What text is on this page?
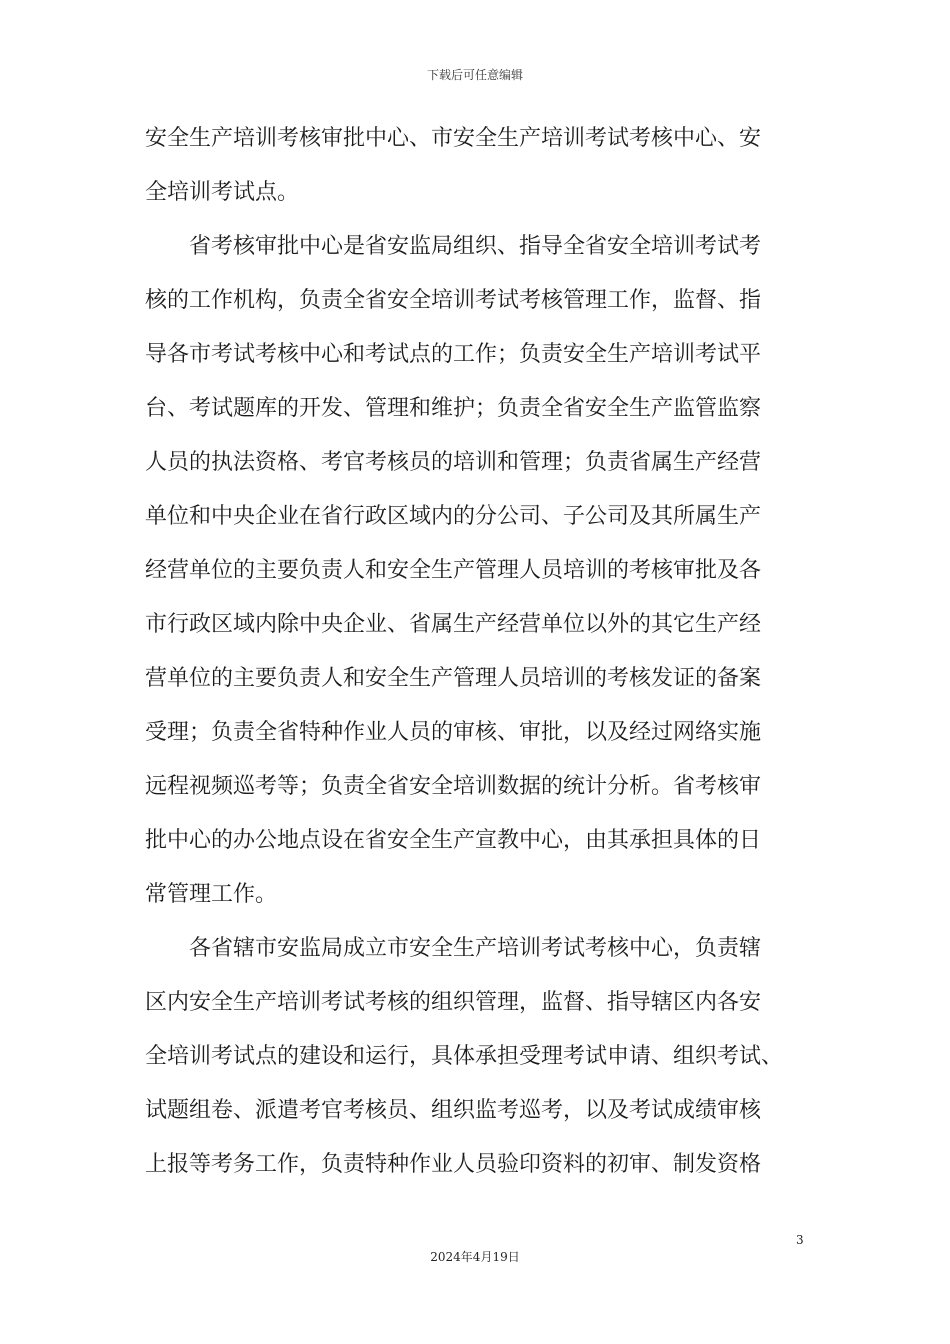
下载后可任意编辑
安全生产培训考核审批中心、市安全生产培训考试考核中心、安
全培训考试点。
　　省考核审批中心是省安监局组织、指导全省安全培训考试考
核的工作机构，负责全省安全培训考试考核管理工作，监督、指
导各市考试考核中心和考试点的工作；负责安全生产培训考试平
台、考试题库的开发、管理和维护；负责全省安全生产监管监察
人员的执法资格、考官考核员的培训和管理；负责省属生产经营
单位和中央企业在省行政区域内的分公司、子公司及其所属生产
经营单位的主要负责人和安全生产管理人员培训的考核审批及各
市行政区域内除中央企业、省属生产经营单位以外的其它生产经
营单位的主要负责人和安全生产管理人员培训的考核发证的备案
受理；负责全省特种作业人员的审核、审批，以及经过网络实施
远程视频巡考等；负责全省安全培训数据的统计分析。省考核审
批中心的办公地点设在省安全生产宣教中心，由其承担具体的日
常管理工作。
　　各省辖市安监局成立市安全生产培训考试考核中心，负责辖
区内安全生产培训考试考核的组织管理，监督、指导辖区内各安
全培训考试点的建设和运行，具体承担受理考试申请、组织考试、
试题组卷、派遣考官考核员、组织监考巡考，以及考试成绩审核
上报等考务工作，负责特种作业人员验印资料的初审、制发资格
3
2024年4月19日
